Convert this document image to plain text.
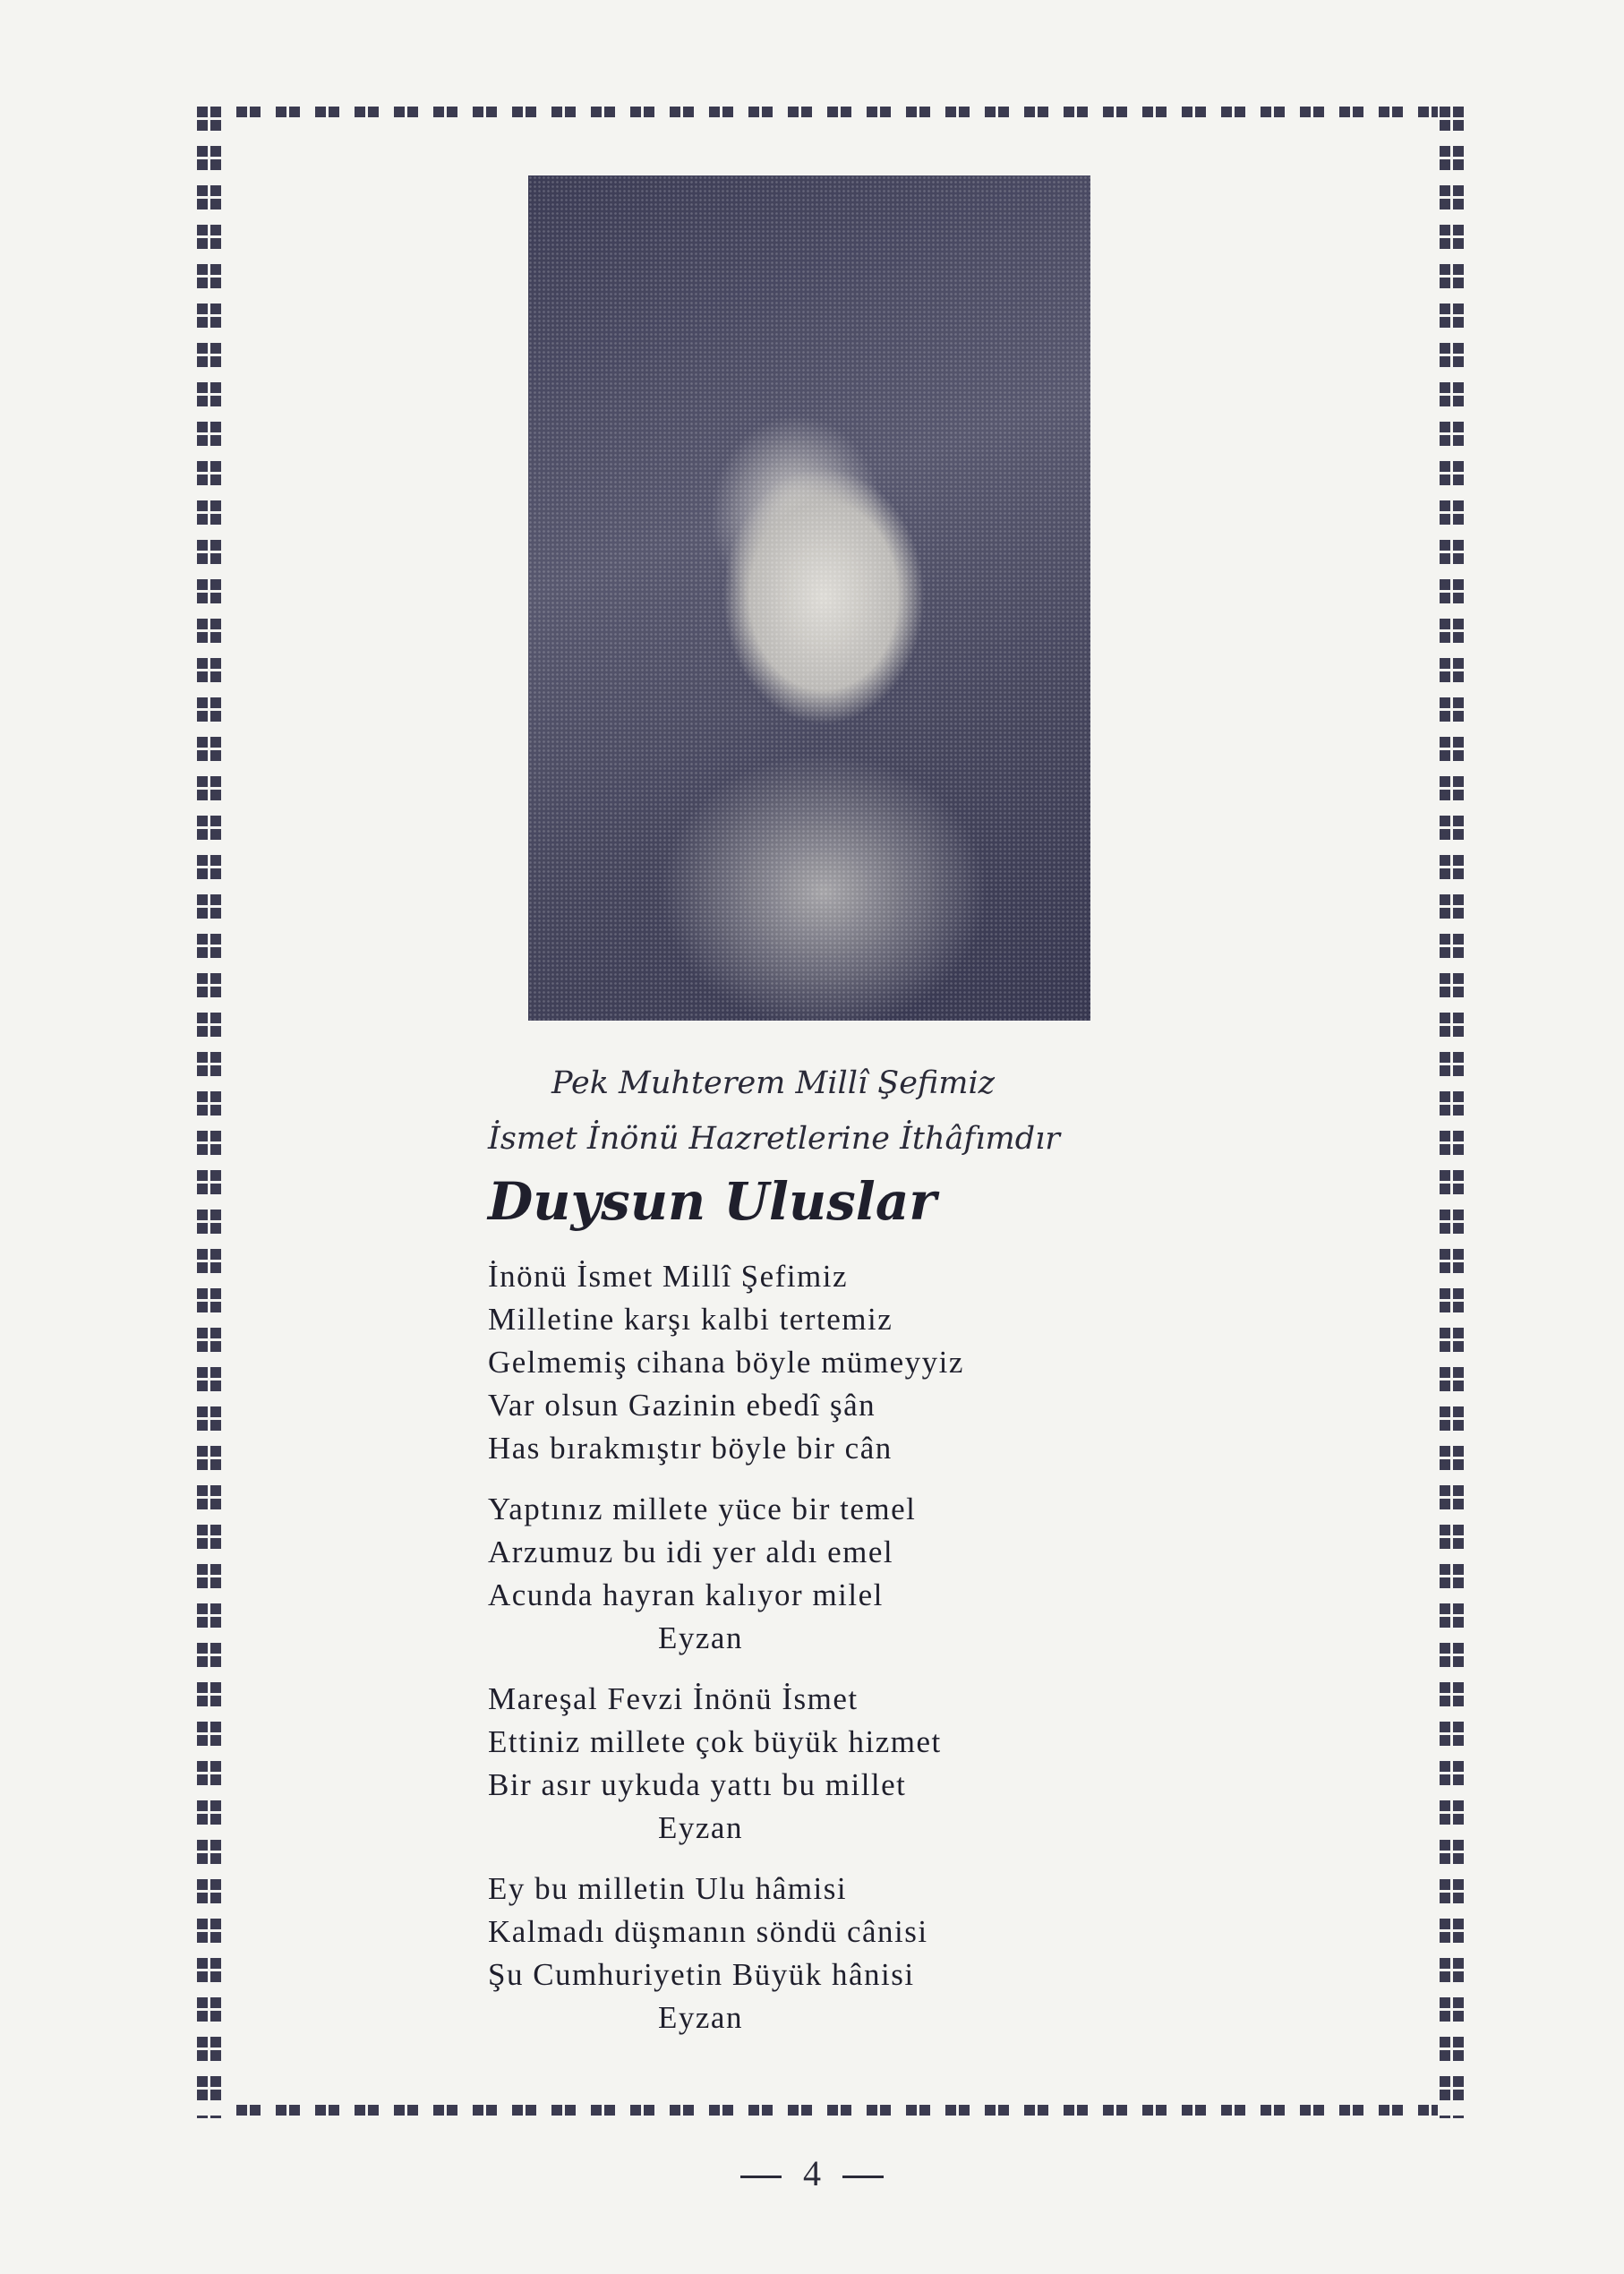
Pek Muhterem Millî Şefimiz

İsmet İnönü Hazretlerine İthâfımdır

Duysun Uluslar
İnönü İsmet Millî Şefimiz
Milletine karşı kalbi tertemiz
Gelmemiş cihana böyle mümeyyiz
Var olsun Gazinin ebedî şân
Has bırakmıştır böyle bir cân
Yaptınız millete yüce bir temel
Arzumuz bu idi yer aldı emel
Acunda hayran kalıyor milel
Eyzan
Mareşal Fevzi İnönü İsmet
Ettiniz millete çok büyük hizmet
Bir asır uykuda yattı bu millet
Eyzan
Ey bu milletin Ulu hâmisi
Kalmadı düşmanın söndü cânisi
Şu Cumhuriyetin Büyük hânisi
Eyzan
4
